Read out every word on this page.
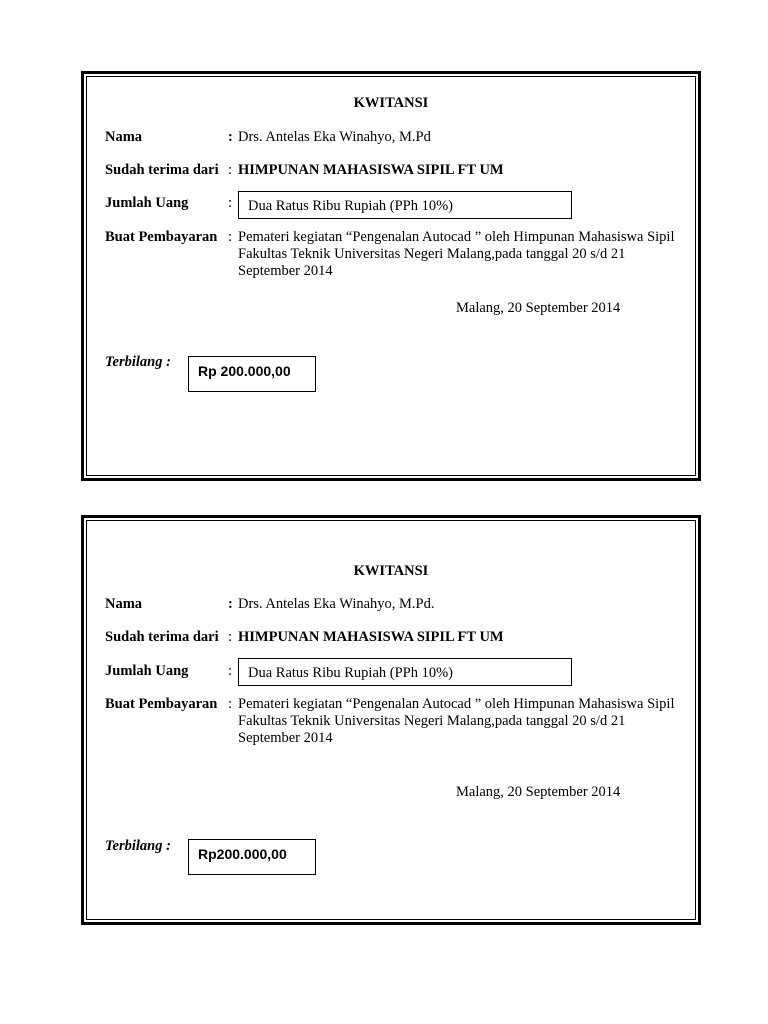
KWITANSI
Nama	: Drs. Antelas Eka Winahyo, M.Pd
Sudah terima dari : HIMPUNAN MAHASISWA SIPIL FT UM
Jumlah Uang	:	Dua Ratus Ribu Rupiah (PPh 10%)
Buat Pembayaran : Pemateri kegiatan “Pengenalan Autocad ” oleh Himpunan Mahasiswa Sipil Fakultas Teknik Universitas Negeri Malang,pada tanggal 20 s/d 21 September 2014
Malang, 20 September 2014
Terbilang :
Rp 200.000,00
KWITANSI
Nama	: Drs. Antelas Eka Winahyo, M.Pd.
Sudah terima dari : HIMPUNAN MAHASISWA SIPIL FT UM
Jumlah Uang	:	Dua Ratus Ribu Rupiah (PPh 10%)
Buat Pembayaran : Pemateri kegiatan “Pengenalan Autocad ” oleh Himpunan Mahasiswa Sipil Fakultas Teknik Universitas Negeri Malang,pada tanggal 20 s/d 21 September 2014
Malang, 20 September 2014
Terbilang :	Rp200.000,00
